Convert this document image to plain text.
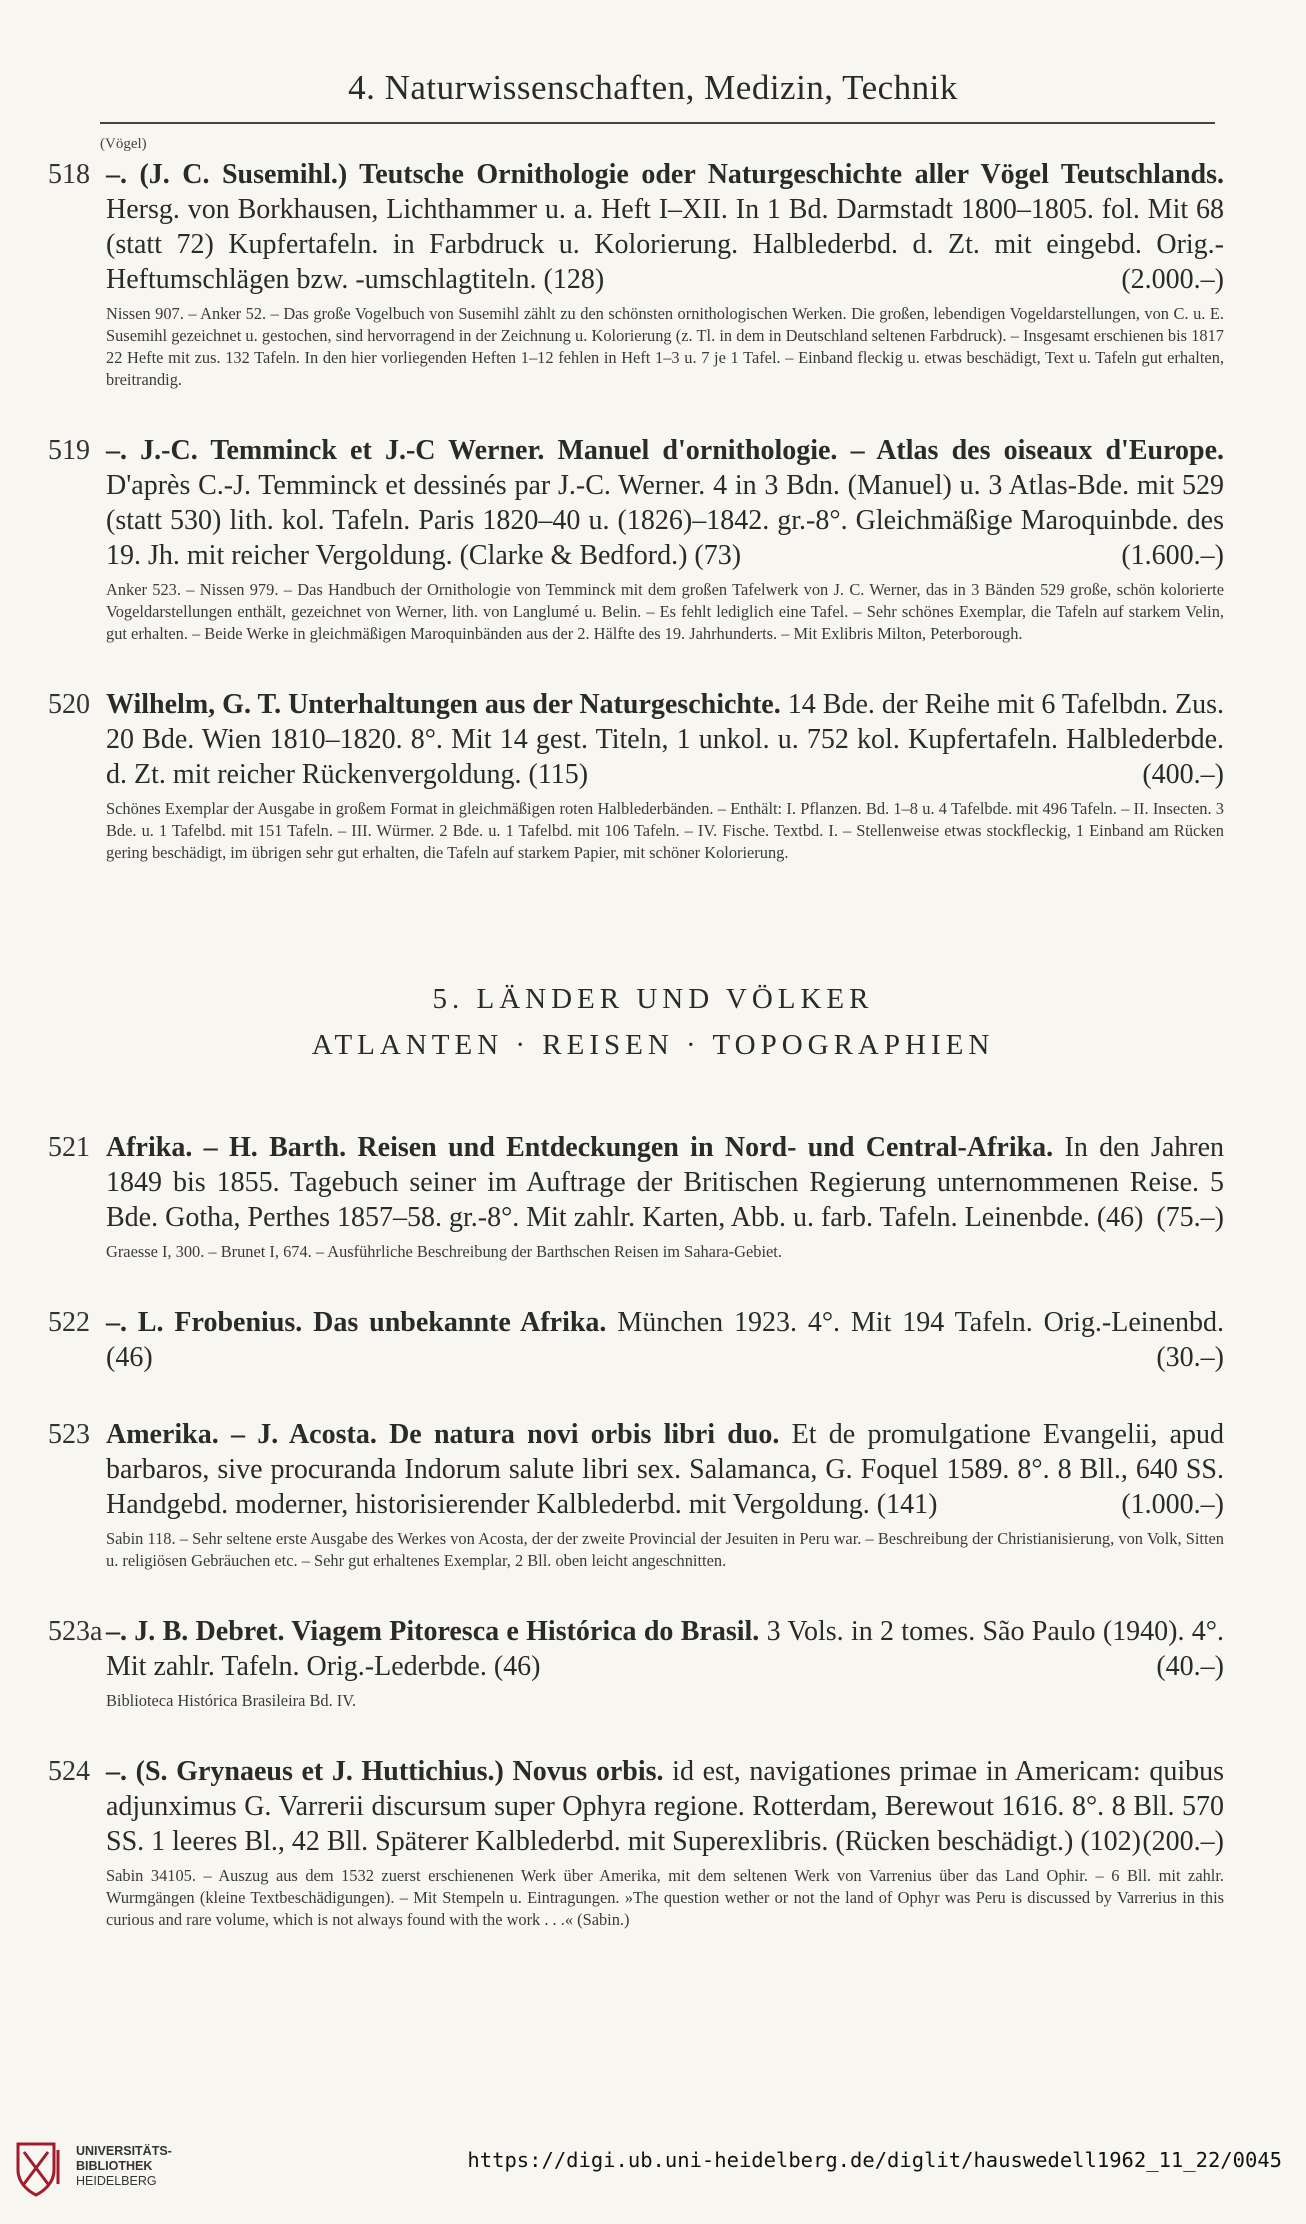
4. Naturwissenschaften, Medizin, Technik
(Vögel)
518 –. (J. C. Susemihl.) Teutsche Ornithologie oder Naturgeschichte aller Vögel Teutschlands. Hersg. von Borkhausen, Lichthammer u. a. Heft I–XII. In 1 Bd. Darmstadt 1800–1805. fol. Mit 68 (statt 72) Kupfertafeln. in Farbdruck u. Kolorierung. Halblederbd. d. Zt. mit eingebd. Orig.-Heftumschlägen bzw. -umschlagtiteln. (128)	(2.000.–)
Nissen 907. – Anker 52. – Das große Vogelbuch von Susemihl zählt zu den schönsten ornithologischen Werken. Die großen, lebendigen Vogeldarstellungen, von C. u. E. Susemihl gezeichnet u. gestochen, sind hervorragend in der Zeichnung u. Kolorierung (z. Tl. in dem in Deutschland seltenen Farbdruck). – Insgesamt erschienen bis 1817 22 Hefte mit zus. 132 Tafeln. In den hier vorliegenden Heften 1–12 fehlen in Heft 1–3 u. 7 je 1 Tafel. – Einband fleckig u. etwas beschädigt, Text u. Tafeln gut erhalten, breitrandig.
519 –. J.-C. Temminck et J.-C Werner. Manuel d'ornithologie. – Atlas des oiseaux d'Europe. D'après C.-J. Temminck et dessinés par J.-C. Werner. 4 in 3 Bdn. (Manuel) u. 3 Atlas-Bde. mit 529 (statt 530) lith. kol. Tafeln. Paris 1820–40 u. (1826)–1842. gr.-8°. Gleichmäßige Maroquinbde. des 19. Jh. mit reicher Vergoldung. (Clarke & Bedford.) (73)	(1.600.–)
Anker 523. – Nissen 979. – Das Handbuch der Ornithologie von Temminck mit dem großen Tafelwerk von J. C. Werner, das in 3 Bänden 529 große, schön kolorierte Vogeldarstellungen enthält, gezeichnet von Werner, lith. von Langlumé u. Belin. – Es fehlt lediglich eine Tafel. – Sehr schönes Exemplar, die Tafeln auf starkem Velin, gut erhalten. – Beide Werke in gleichmäßigen Maroquinbänden aus der 2. Hälfte des 19. Jahrhunderts. – Mit Exlibris Milton, Peterborough.
520 Wilhelm, G. T. Unterhaltungen aus der Naturgeschichte. 14 Bde. der Reihe mit 6 Tafelbdn. Zus. 20 Bde. Wien 1810–1820. 8°. Mit 14 gest. Titeln, 1 unkol. u. 752 kol. Kupfertafeln. Halblederbde. d. Zt. mit reicher Rückenvergoldung. (115)	(400.–)
Schönes Exemplar der Ausgabe in großem Format in gleichmäßigen roten Halblederbänden. – Enthält: I. Pflanzen. Bd. 1–8 u. 4 Tafelbde. mit 496 Tafeln. – II. Insecten. 3 Bde. u. 1 Tafelbd. mit 151 Tafeln. – III. Würmer. 2 Bde. u. 1 Tafelbd. mit 106 Tafeln. – IV. Fische. Textbd. I. – Stellenweise etwas stockfleckig, 1 Einband am Rücken gering beschädigt, im übrigen sehr gut erhalten, die Tafeln auf starkem Papier, mit schöner Kolorierung.
5. LÄNDER UND VÖLKER
ATLANTEN · REISEN · TOPOGRAPHIEN
521 Afrika. – H. Barth. Reisen und Entdeckungen in Nord- und Central-Afrika. In den Jahren 1849 bis 1855. Tagebuch seiner im Auftrage der Britischen Regierung unternommenen Reise. 5 Bde. Gotha, Perthes 1857–58. gr.-8°. Mit zahlr. Karten, Abb. u. farb. Tafeln. Leinenbde. (46) (75.–)
Graesse I, 300. – Brunet I, 674. – Ausführliche Beschreibung der Barthschen Reisen im Sahara-Gebiet.
522 –. L. Frobenius. Das unbekannte Afrika. München 1923. 4°. Mit 194 Tafeln. Orig.-Leinenbd. (46)	(30.–)
523 Amerika. – J. Acosta. De natura novi orbis libri duo. Et de promulgatione Evangelii, apud barbaros, sive procuranda Indorum salute libri sex. Salamanca, G. Foquel 1589. 8°. 8 Bll., 640 SS. Handgebd. moderner, historisierender Kalblederbd. mit Vergoldung. (141)	(1.000.–)
Sabin 118. – Sehr seltene erste Ausgabe des Werkes von Acosta, der der zweite Provincial der Jesuiten in Peru war. – Beschreibung der Christianisierung, von Volk, Sitten u. religiösen Gebräuchen etc. – Sehr gut erhaltenes Exemplar, 2 Bll. oben leicht angeschnitten.
523a –. J. B. Debret. Viagem Pitoresca e Histórica do Brasil. 3 Vols. in 2 tomes. São Paulo (1940). 4°. Mit zahlr. Tafeln. Orig.-Lederbde. (46)	(40.–)
Biblioteca Histórica Brasileira Bd. IV.
524 –. (S. Grynaeus et J. Huttichius.) Novus orbis. id est, navigationes primae in Americam: quibus adjunximus G. Varrerii discursum super Ophyra regione. Rotterdam, Berewout 1616. 8°. 8 Bll. 570 SS. 1 leeres Bl., 42 Bll. Späterer Kalblederbd. mit Superexlibris. (Rücken beschädigt.) (102) (200.–)
Sabin 34105. – Auszug aus dem 1532 zuerst erschienenen Werk über Amerika, mit dem seltenen Werk von Varrenius über das Land Ophir. – 6 Bll. mit zahlr. Wurmgängen (kleine Textbeschädigungen). – Mit Stempeln u. Eintragungen. »The question wether or not the land of Ophyr was Peru is discussed by Varrerius in this curious and rare volume, which is not always found with the work . . .« (Sabin.)
UNIVERSITÄTS-
BIBLIOTHEK
HEIDELBERG
https://digi.ub.uni-heidelberg.de/diglit/hauswedell1962_11_22/0045
